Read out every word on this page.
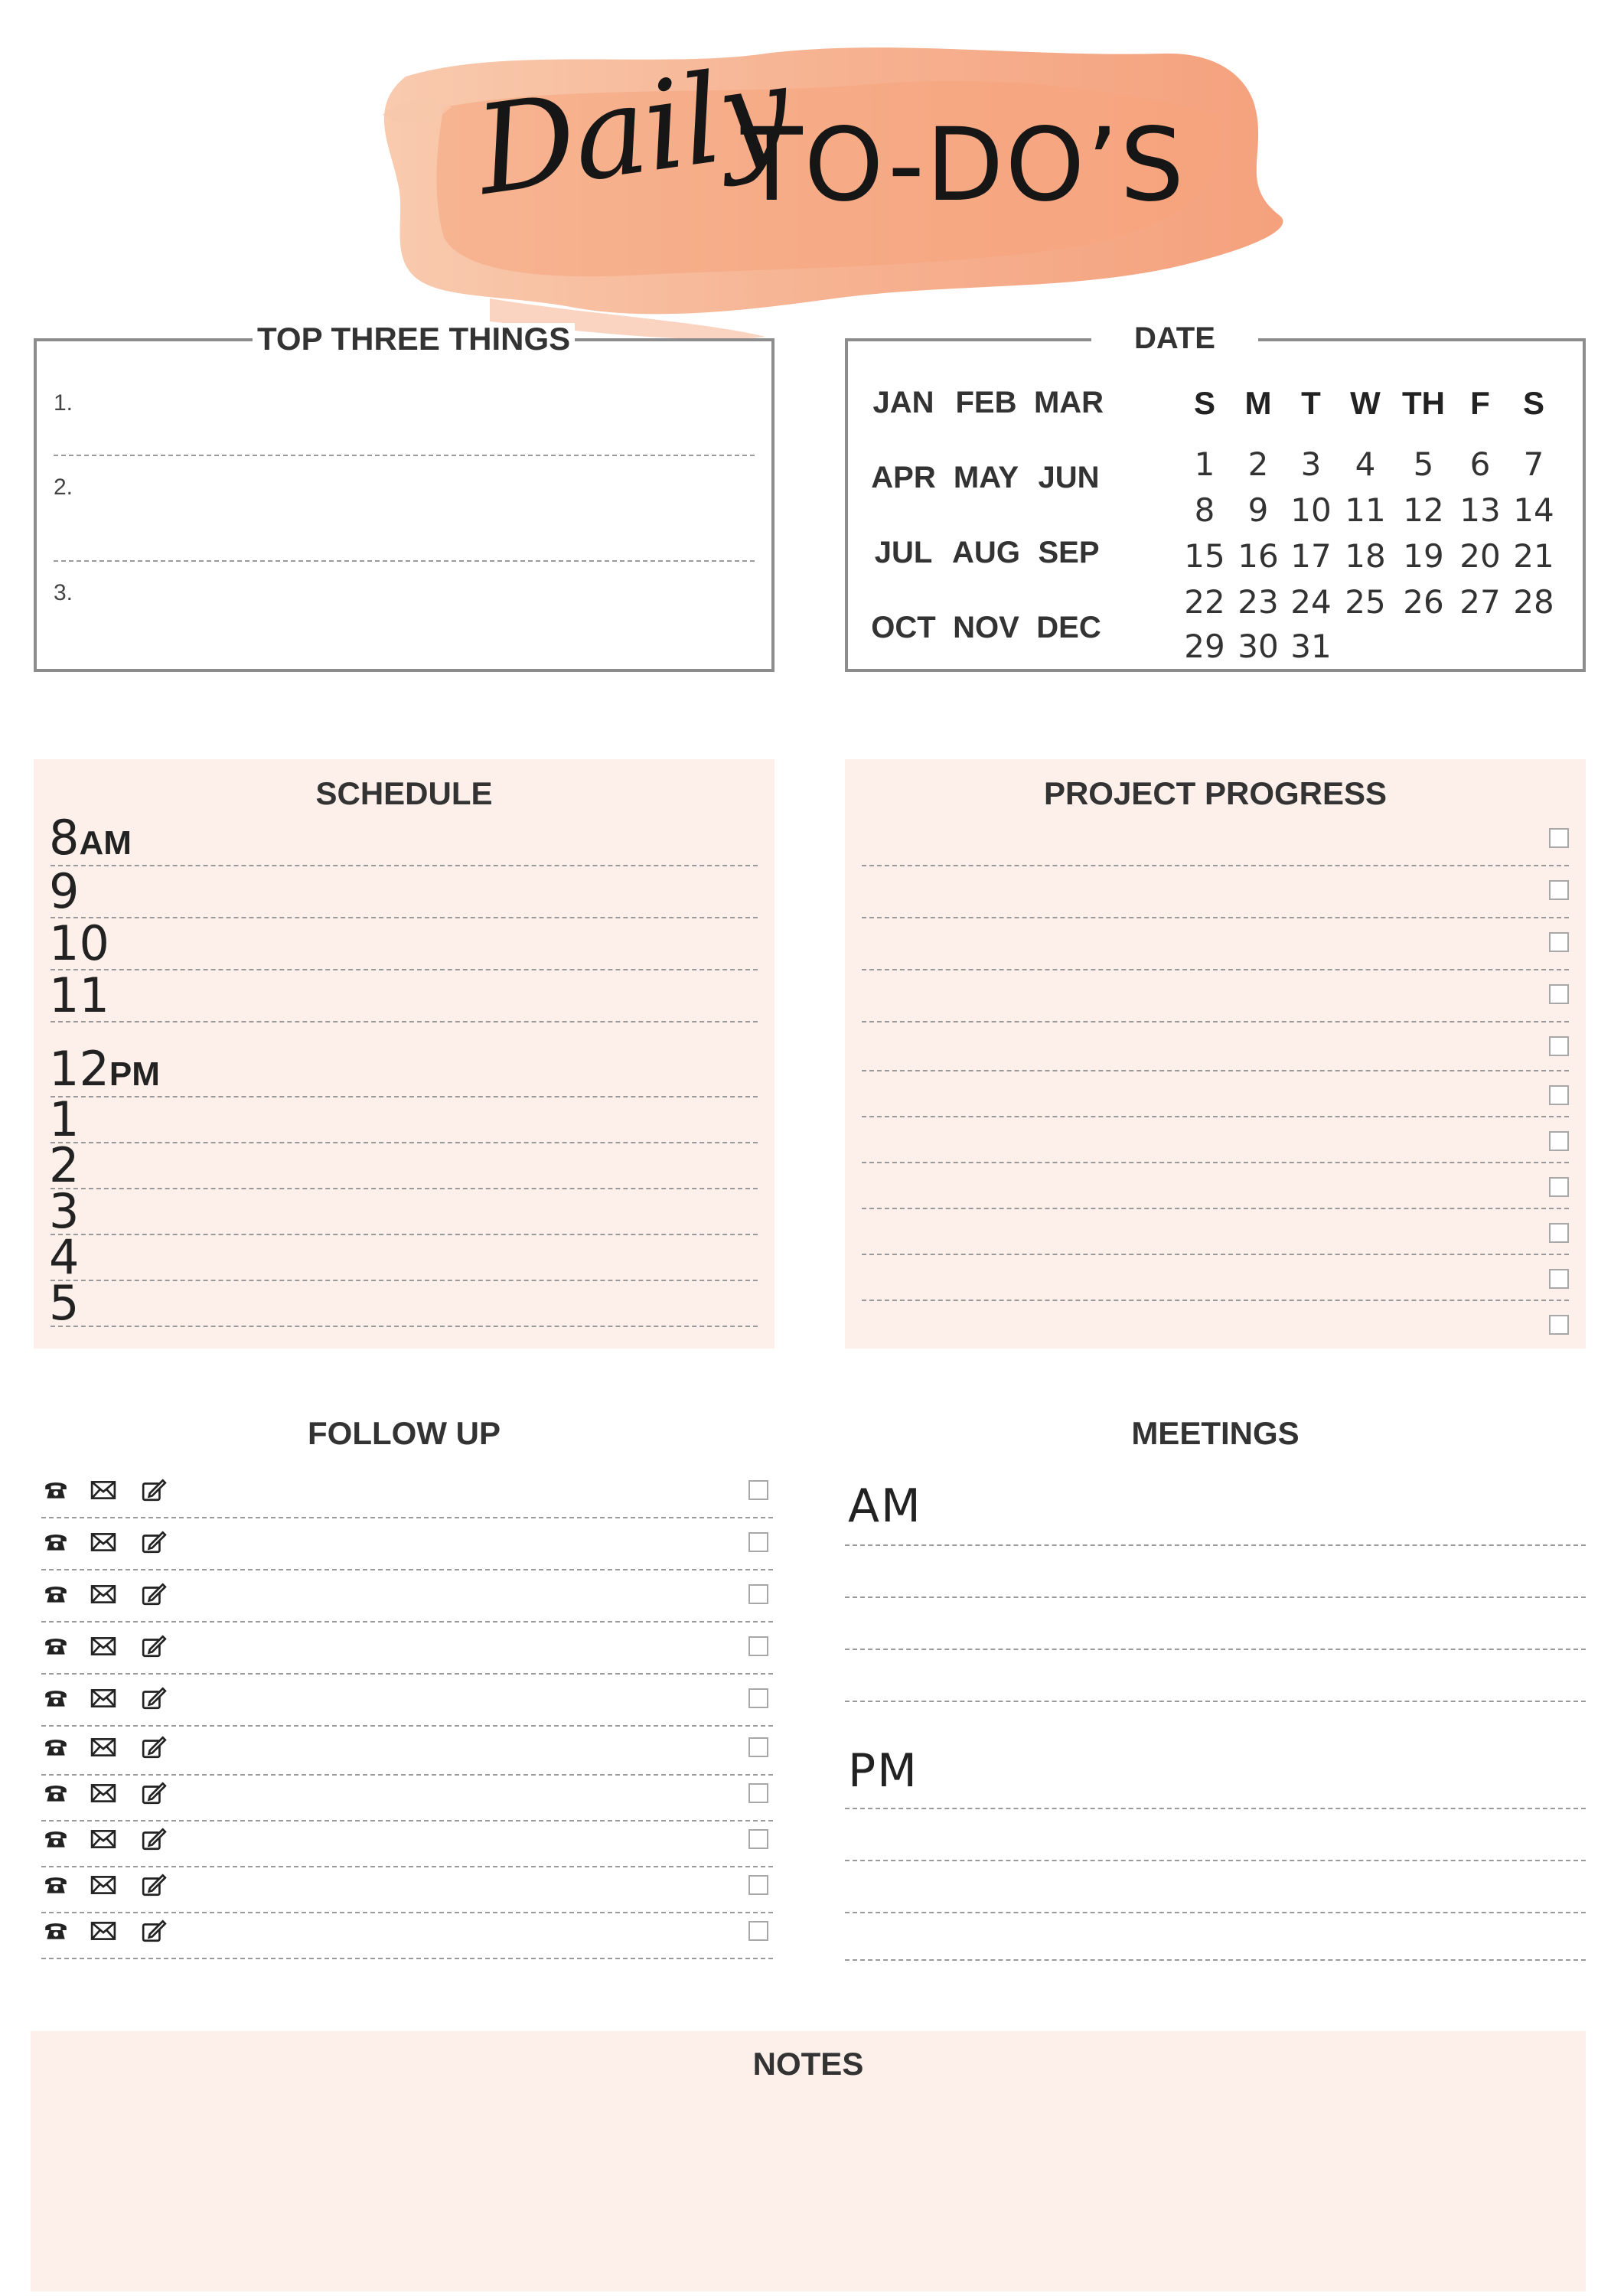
Daily
TO-DO’S
TOP THREE THINGS
1.
2.
3.
DATE
JAN FEB MAR
APR MAY JUN
JUL AUG SEP
OCT NOV DEC
S M T W TH F	S
1	2	3	4	5	6	7
8	9 10 11 12 13 14
15 16 17 18 19 20 21
22 23 24 25 26 27 28
29 30 31
SCHEDULE
8AM
9
10
11
12PM
1
2
3
4
5
PROJECT PROGRESS
FOLLOW UP	MEETINGS
AM
PM
NOTES
